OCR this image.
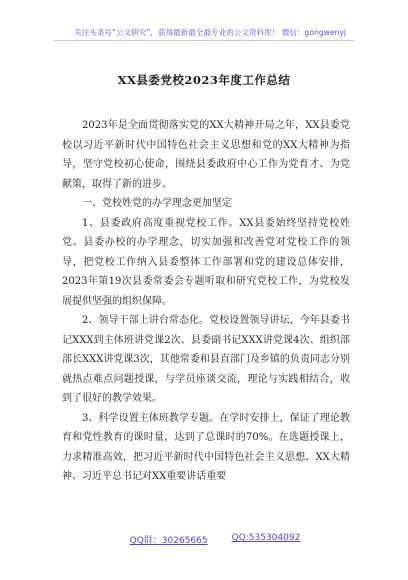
关注头条号“公文研究”，获得最新最全最专业的公文资料库！ 微信：gongwenyj
XX县委党校2023年度工作总结

2023年是全面贯彻落实党的XX大精神开局之年，XX县委党校以习近平新时代中国特色社会主义思想和党的XX大精神为指导，坚守党校初心使命，围绕县委政府中心工作为党育才、为党献策，取得了新的进步。

一、党校姓党的办学理念更加坚定

1、县委政府高度重视党校工作。XX县委始终坚持党校姓党、县委办校的办学理念，切实加强和改善党对党校工作的领导，把党校工作纳入县委整体工作部署和党的建设总体安排，2023年第19次县委常委会专题听取和研究党校工作，为党校发展提供坚强的组织保障。

2、领导干部上讲台常态化。党校设置领导讲坛，今年县委书记XXX到主体班讲党课2次、县委副书记XXX讲党课4次、组织部部长XXX讲党课3次，其他常委和县直部门及乡镇的负责同志分别就热点难点问题授课，与学员座谈交流，理论与实践相结合，收到了很好的教学效果。

3、科学设置主体班教学专题。在学时安排上，保证了理论教育和党性教育的课时量，达到了总课时的70%。在选题授课上，力求精准高效，把习近平新时代中国特色社会主义思想、XX大精神、习近平总书记对XX重要讲话重要

QQ群：30265665	QQ:535304092
